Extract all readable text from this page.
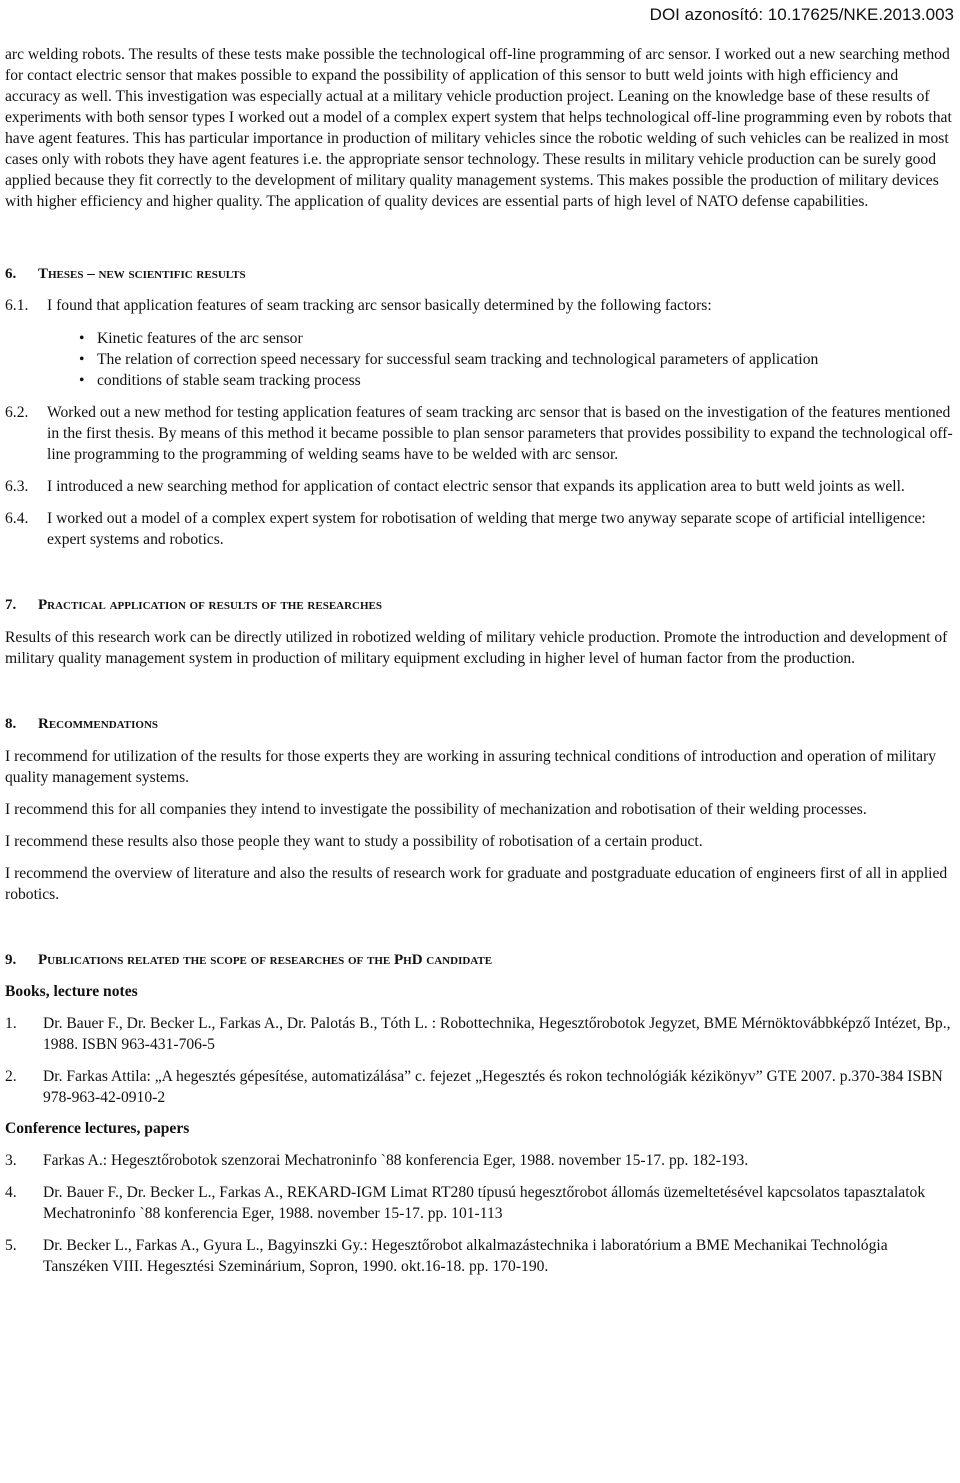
DOI azonosító: 10.17625/NKE.2013.003

arc welding robots. The results of these tests make possible the technological off-line programming of arc sensor. I worked out a new searching method for contact electric sensor that makes possible to expand the possibility of application of this sensor to butt weld joints with high efficiency and accuracy as well. This investigation was especially actual at a military vehicle production project. Leaning on the knowledge base of these results of experiments with both sensor types I worked out a model of a complex expert system that helps technological off-line programming even by robots that have agent features. This has particular importance in production of military vehicles since the robotic welding of such vehicles can be realized in most cases only with robots they have agent features i.e. the appropriate sensor technology. These results in military vehicle production can be surely good applied because they fit correctly to the development of military quality management systems. This makes possible the production of military devices with higher efficiency and higher quality. The application of quality devices are essential parts of high level of NATO defense capabilities.

6. Theses – new scientific results
6.1.	I found that application features of seam tracking arc sensor basically determined by the following factors:
• Kinetic features of the arc sensor
• The relation of correction speed necessary for successful seam tracking and technological parameters of application
• conditions of stable seam tracking process
6.2.	Worked out a new method for testing application features of seam tracking arc sensor that is based on the investigation of the features mentioned in the first thesis. By means of this method it became possible to plan sensor parameters that provides possibility to expand the technological off-line programming to the programming of welding seams have to be welded with arc sensor.
6.3.	I introduced a new searching method for application of contact electric sensor that expands its application area to butt weld joints as well.
6.4.	I worked out a model of a complex expert system for robotisation of welding that merge two anyway separate scope of artificial intelligence: expert systems and robotics.
7. Practical application of results of the researches

Results of this research work can be directly utilized in robotized welding of military vehicle production. Promote the introduction and development of military quality management system in production of military equipment excluding in higher level of human factor from the production.

8. Recommendations

I recommend for utilization of the results for those experts they are working in assuring technical conditions of introduction and operation of military quality management systems.

I recommend this for all companies they intend to investigate the possibility of mechanization and robotisation of their welding processes.

I recommend these results also those people they want to study a possibility of robotisation of a certain product.

I recommend the overview of literature and also the results of research work for graduate and postgraduate education of engineers first of all in applied robotics.

9. Publications related the scope of researches of the PhD candidate

Books, lecture notes

1.	Dr. Bauer F., Dr. Becker L., Farkas A., Dr. Palotás B., Tóth L. : Robottechnika, Hegesztőrobotok Jegyzet, BME Mérnöktovábbképző Intézet, Bp., 1988. ISBN 963-431-706-5
2.	Dr. Farkas Attila: „A hegesztés gépesítése, automatizálása” c. fejezet „Hegesztés és rokon technológiák kézikönyv” GTE 2007. p.370-384 ISBN 978-963-42-0910-2

Conference lectures, papers

3.	Farkas A.: Hegesztőrobotok szenzorai Mechatroninfo `88 konferencia Eger, 1988. november 15-17. pp. 182-193.
4.	Dr. Bauer F., Dr. Becker L., Farkas A., REKARD-IGM Limat RT280 típusú hegesztőrobot állomás üzemeltetésével kapcsolatos tapasztalatok Mechatroninfo `88 konferencia Eger, 1988. november 15-17. pp. 101-113
5.	Dr. Becker L., Farkas A., Gyura L., Bagyinszki Gy.: Hegesztőrobot alkalmazástechnika i laboratórium a BME Mechanikai Technológia Tanszéken VIII. Hegesztési Szeminárium, Sopron, 1990. okt.16-18. pp. 170-190.
